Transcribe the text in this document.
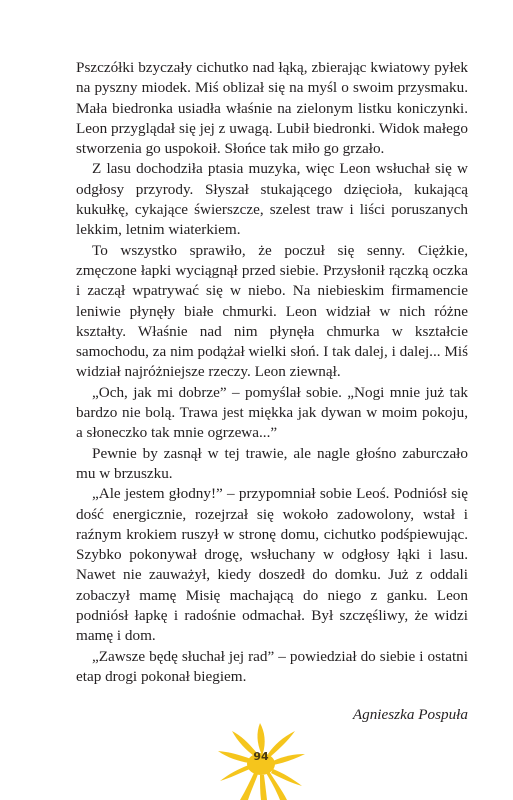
Pszczółki bzyczały cichutko nad łąką, zbierając kwiatowy pyłek na pyszny miodek. Miś oblizał się na myśl o swoim przysmaku. Mała biedronka usiadła właśnie na zielonym listku koniczynki. Leon przyglądał się jej z uwagą. Lubił biedronki. Widok małego stworzenia go uspokoił. Słońce tak miło go grzało.

Z lasu dochodziła ptasia muzyka, więc Leon wsłuchał się w odgłosy przyrody. Słyszał stukającego dzięcioła, kukającą kukułkę, cykające świerszcze, szelest traw i liści poruszanych lekkim, letnim wiaterkiem.

To wszystko sprawiło, że poczuł się senny. Ciężkie, zmęczone łapki wyciągnął przed siebie. Przysłonił rączką oczka i zaczął wpatrywać się w niebo. Na niebieskim firmamencie leniwie płynęły białe chmurki. Leon widział w nich różne kształty. Właśnie nad nim płynęła chmurka w kształcie samochodu, za nim podążał wielki słoń. I tak dalej, i dalej... Miś widział najróżniejsze rzeczy. Leon ziewnął.

„Och, jak mi dobrze” – pomyślał sobie. „Nogi mnie już tak bardzo nie bolą. Trawa jest miękka jak dywan w moim pokoju, a słoneczko tak mnie ogrzewa...”

Pewnie by zasnął w tej trawie, ale nagle głośno zaburczało mu w brzuszku.

„Ale jestem głodny!” – przypomniał sobie Leoś. Podniósł się dość energicznie, rozejrzał się wokoło zadowolony, wstał i raźnym krokiem ruszył w stronę domu, cichutko podśpiewując. Szybko pokonywał drogę, wsłuchany w odgłosy łąki i lasu. Nawet nie zauważył, kiedy doszedł do domku. Już z oddali zobaczył mamę Misię machającą do niego z ganku. Leon podniósł łapkę i radośnie odmachał. Był szczęśliwy, że widzi mamę i dom.

„Zawsze będę słuchał jej rad” – powiedział do siebie i ostatni etap drogi pokonał biegiem.

Agnieszka Pospuła
94
